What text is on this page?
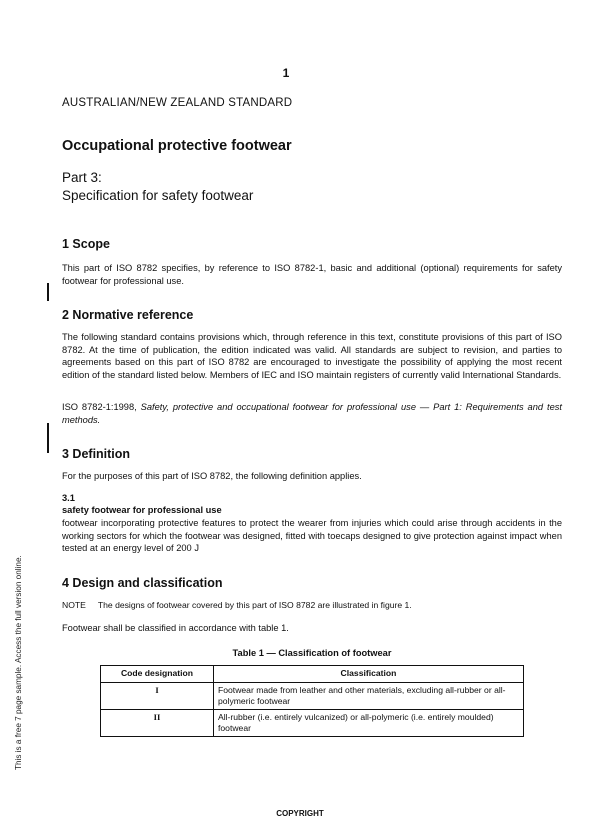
1
AUSTRALIAN/NEW ZEALAND STANDARD
Occupational protective footwear
Part 3:
Specification for safety footwear
1 Scope
This part of ISO 8782 specifies, by reference to ISO 8782-1, basic and additional (optional) requirements for safety footwear for professional use.
2 Normative reference
The following standard contains provisions which, through reference in this text, constitute provisions of this part of ISO 8782. At the time of publication, the edition indicated was valid. All standards are subject to revision, and parties to agreements based on this part of ISO 8782 are encouraged to investigate the possibility of applying the most recent edition of the standard listed below. Members of IEC and ISO maintain registers of currently valid International Standards.
ISO 8782-1:1998, Safety, protective and occupational footwear for professional use — Part 1: Requirements and test methods.
3 Definition
For the purposes of this part of ISO 8782, the following definition applies.
3.1
safety footwear for professional use
footwear incorporating protective features to protect the wearer from injuries which could arise through accidents in the working sectors for which the footwear was designed, fitted with toecaps designed to give protection against impact when tested at an energy level of 200 J
4 Design and classification
NOTE The designs of footwear covered by this part of ISO 8782 are illustrated in figure 1.
Footwear shall be classified in accordance with table 1.
Table 1 — Classification of footwear
Code designation	Classification
I	Footwear made from leather and other materials, excluding all-rubber or all-polymeric footwear
II	All-rubber (i.e. entirely vulcanized) or all-polymeric (i.e. entirely moulded) footwear
This is a free 7 page sample. Access the full version online.
COPYRIGHT
